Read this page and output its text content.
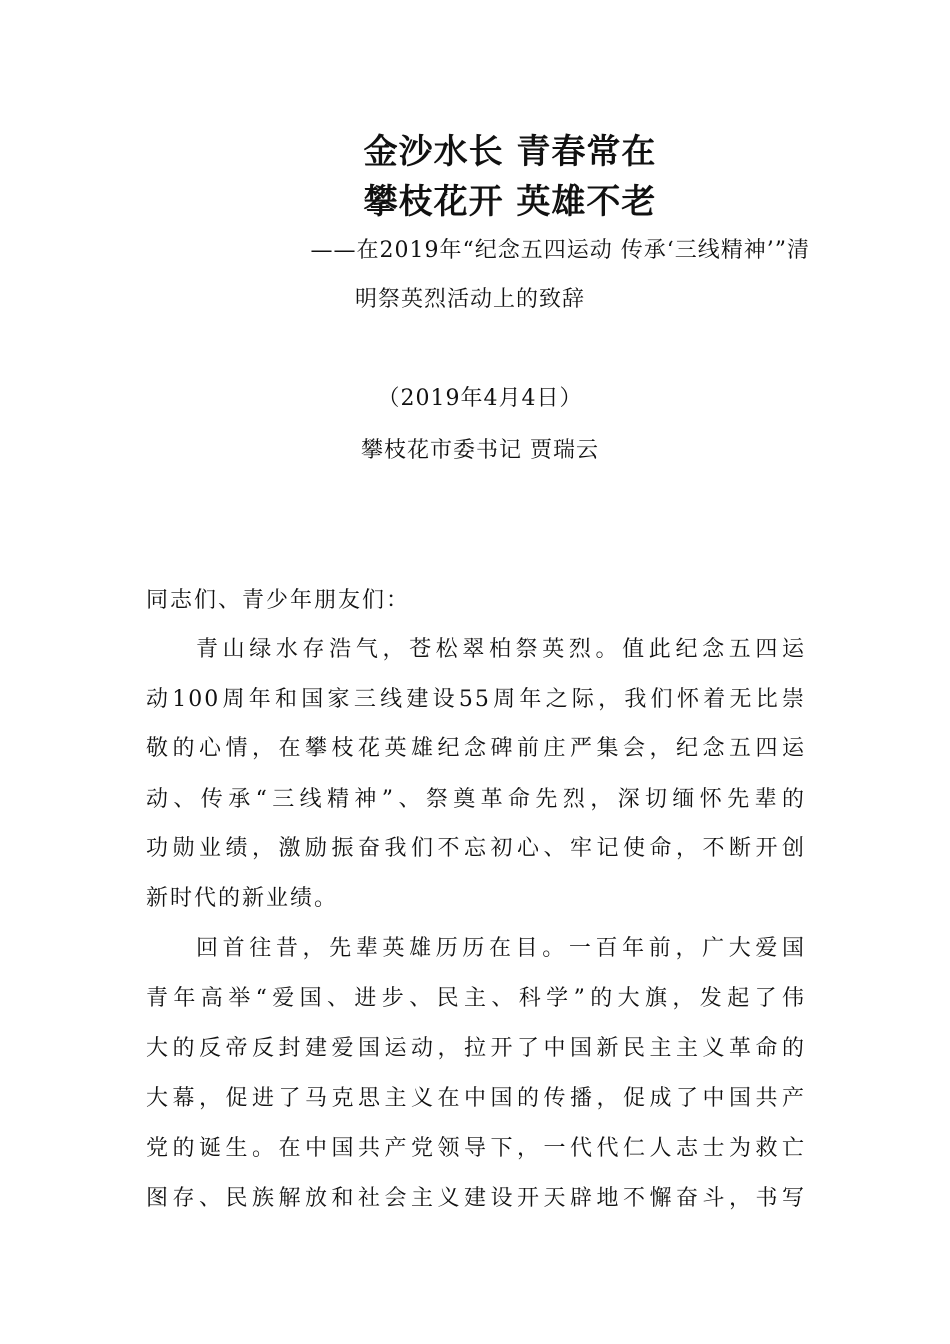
金沙水长 青春常在
攀枝花开 英雄不老
——在2019年“纪念五四运动 传承‘三线精神’”清
明祭英烈活动上的致辞
（2019年4月4日）
攀枝花市委书记 贾瑞云
同志们、青少年朋友们：
青山绿水存浩气，苍松翠柏祭英烈。值此纪念五四运
动100周年和国家三线建设55周年之际，我们怀着无比崇
敬的心情，在攀枝花英雄纪念碑前庄严集会，纪念五四运
动、传承“三线精神”、祭奠革命先烈，深切缅怀先辈的
功勋业绩，激励振奋我们不忘初心、牢记使命，不断开创
新时代的新业绩。
回首往昔，先辈英雄历历在目。一百年前，广大爱国
青年高举“爱国、进步、民主、科学”的大旗，发起了伟
大的反帝反封建爱国运动，拉开了中国新民主主义革命的
大幕，促进了马克思主义在中国的传播，促成了中国共产
党的诞生。在中国共产党领导下，一代代仁人志士为救亡
图存、民族解放和社会主义建设开天辟地不懈奋斗，书写
